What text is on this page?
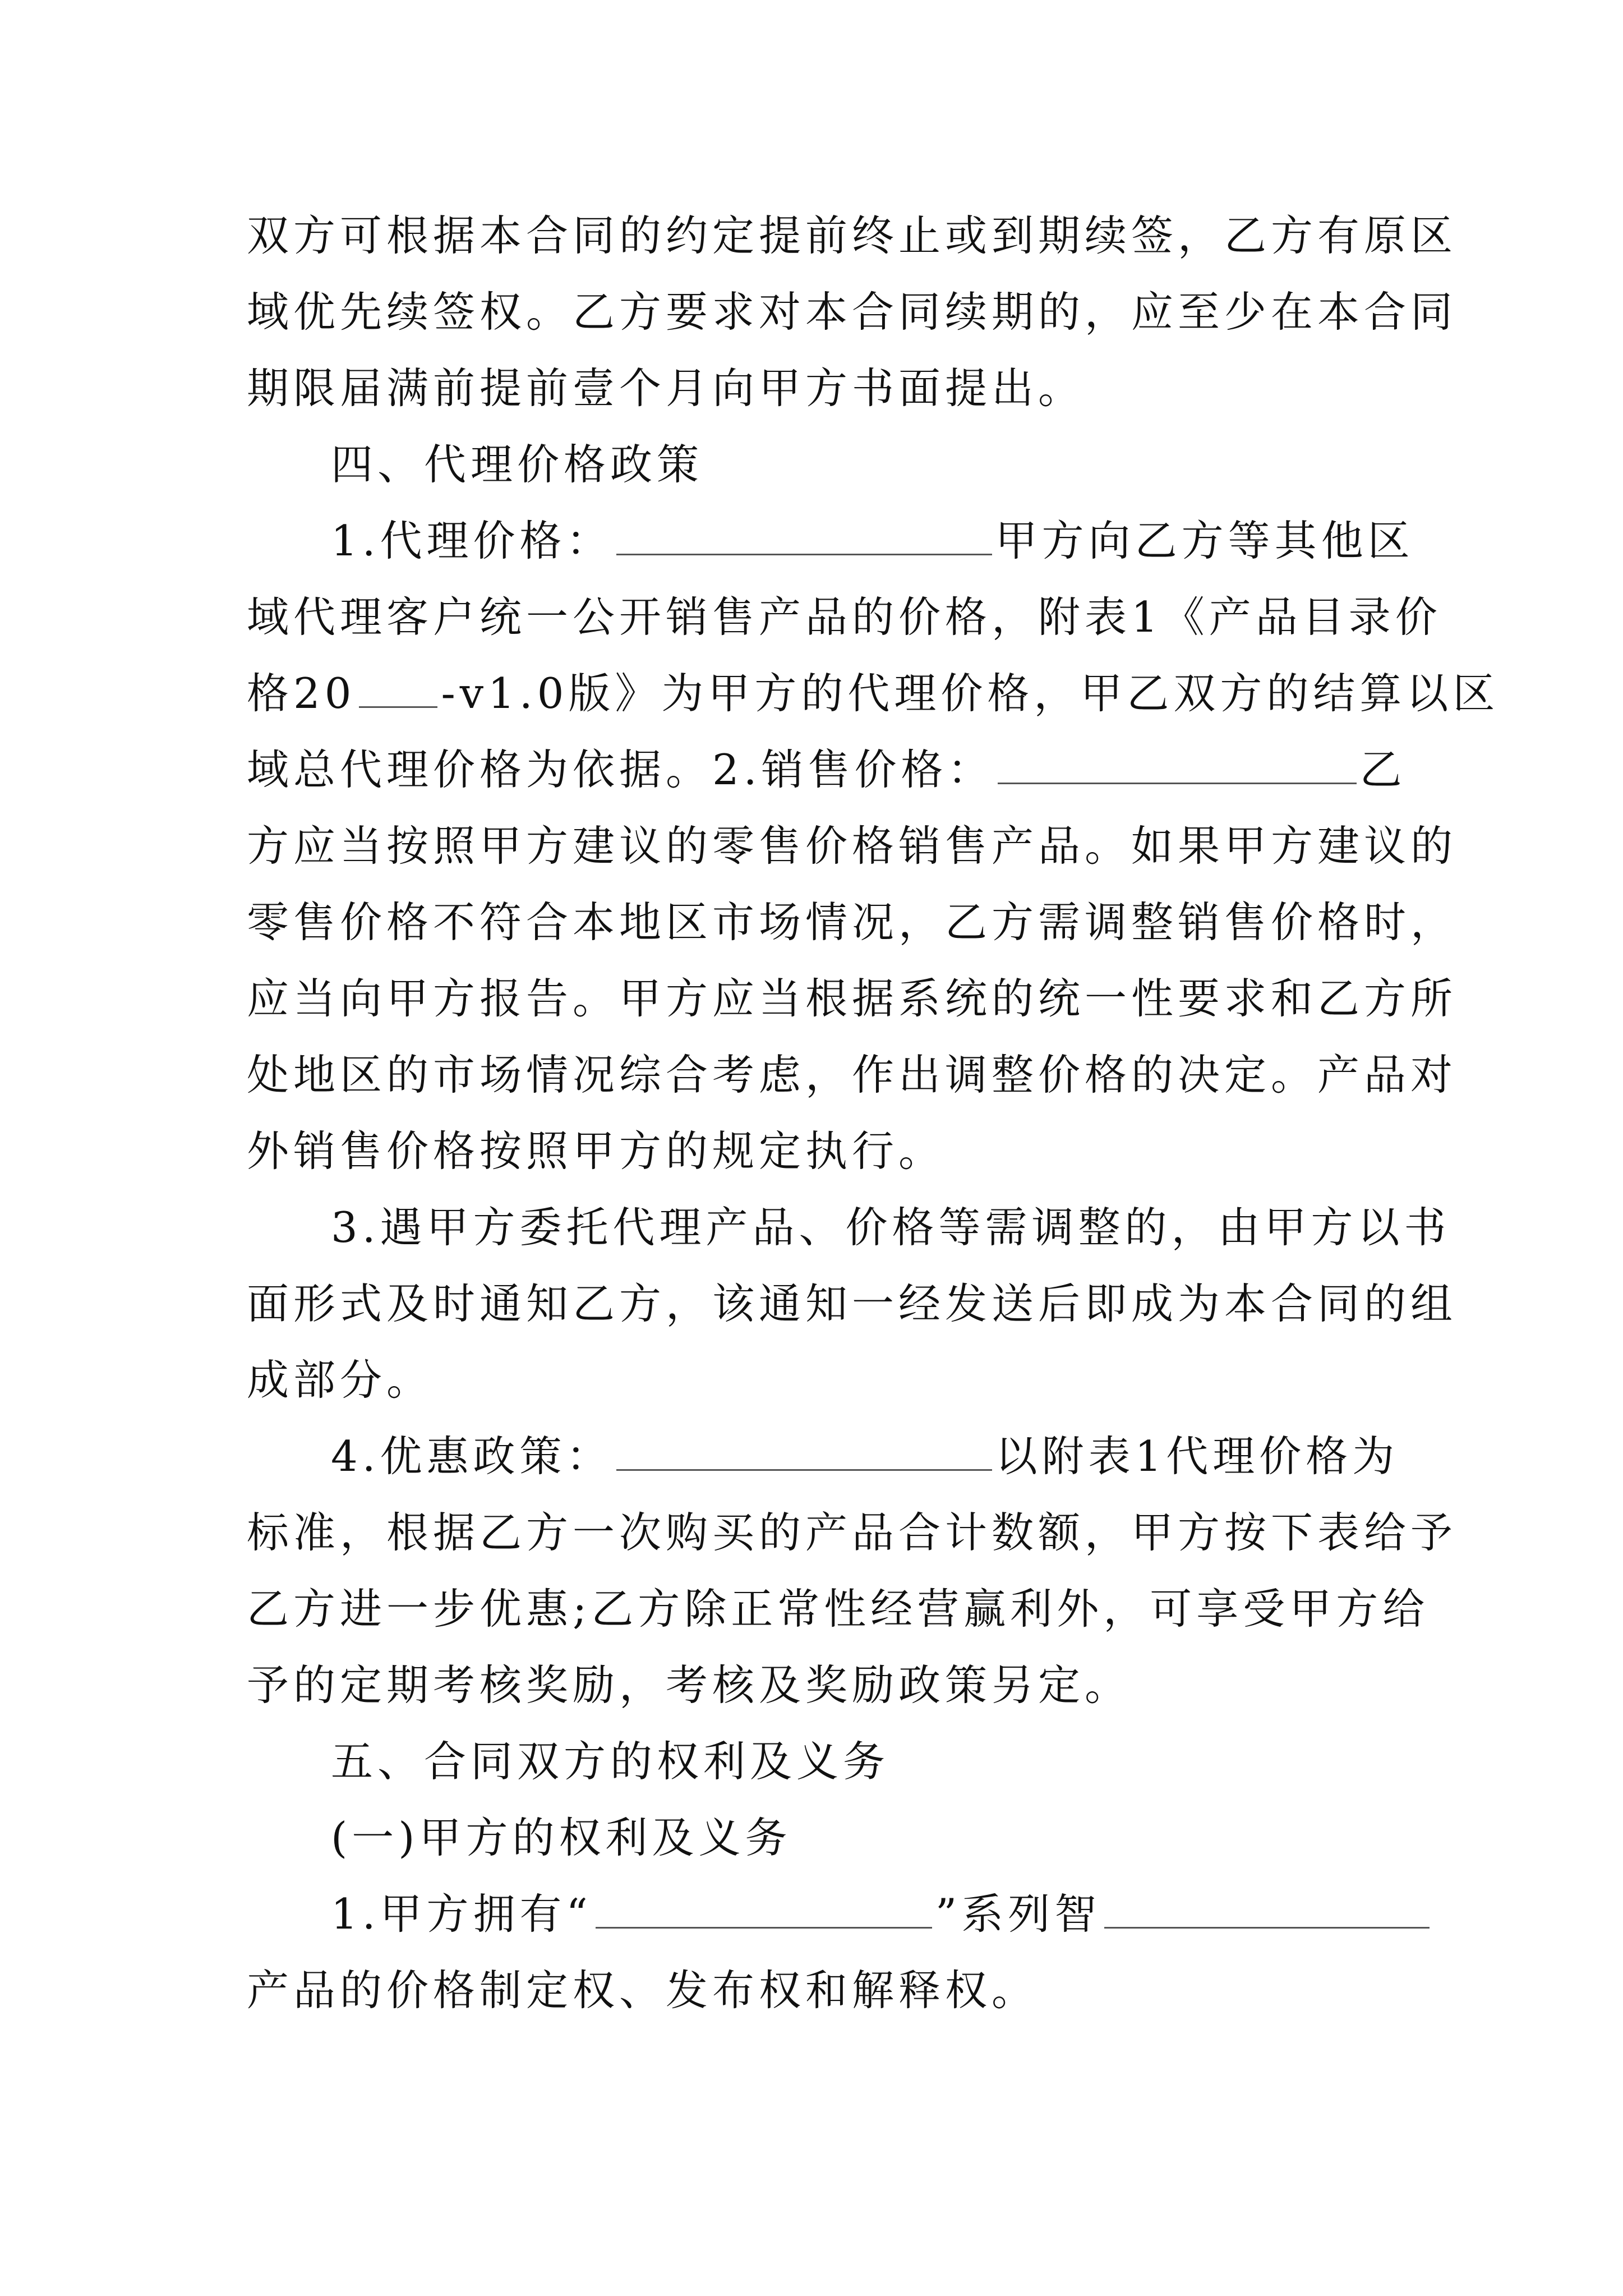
双方可根据本合同的约定提前终止或到期续签，乙方有原区
域优先续签权。乙方要求对本合同续期的，应至少在本合同
期限届满前提前壹个月向甲方书面提出。
四、代理价格政策
1.代理价格：	甲方向乙方等其他区
域代理客户统一公开销售产品的价格，附表1《产品目录价
格20 -v1.0版》为甲方的代理价格，甲乙双方的结算以区
域总代理价格为依据。2.销售价格：	乙
方应当按照甲方建议的零售价格销售产品。如果甲方建议的
零售价格不符合本地区市场情况，乙方需调整销售价格时，
应当向甲方报告。甲方应当根据系统的统一性要求和乙方所
处地区的市场情况综合考虑，作出调整价格的决定。产品对
外销售价格按照甲方的规定执行。
3.遇甲方委托代理产品、价格等需调整的，由甲方以书
面形式及时通知乙方，该通知一经发送后即成为本合同的组
成部分。
4.优惠政策：	以附表1代理价格为
标准，根据乙方一次购买的产品合计数额，甲方按下表给予
乙方进一步优惠;乙方除正常性经营赢利外，可享受甲方给
予的定期考核奖励，考核及奖励政策另定。
五、合同双方的权利及义务
(一)甲方的权利及义务
1.甲方拥有“	”系列智
产品的价格制定权、发布权和解释权。
